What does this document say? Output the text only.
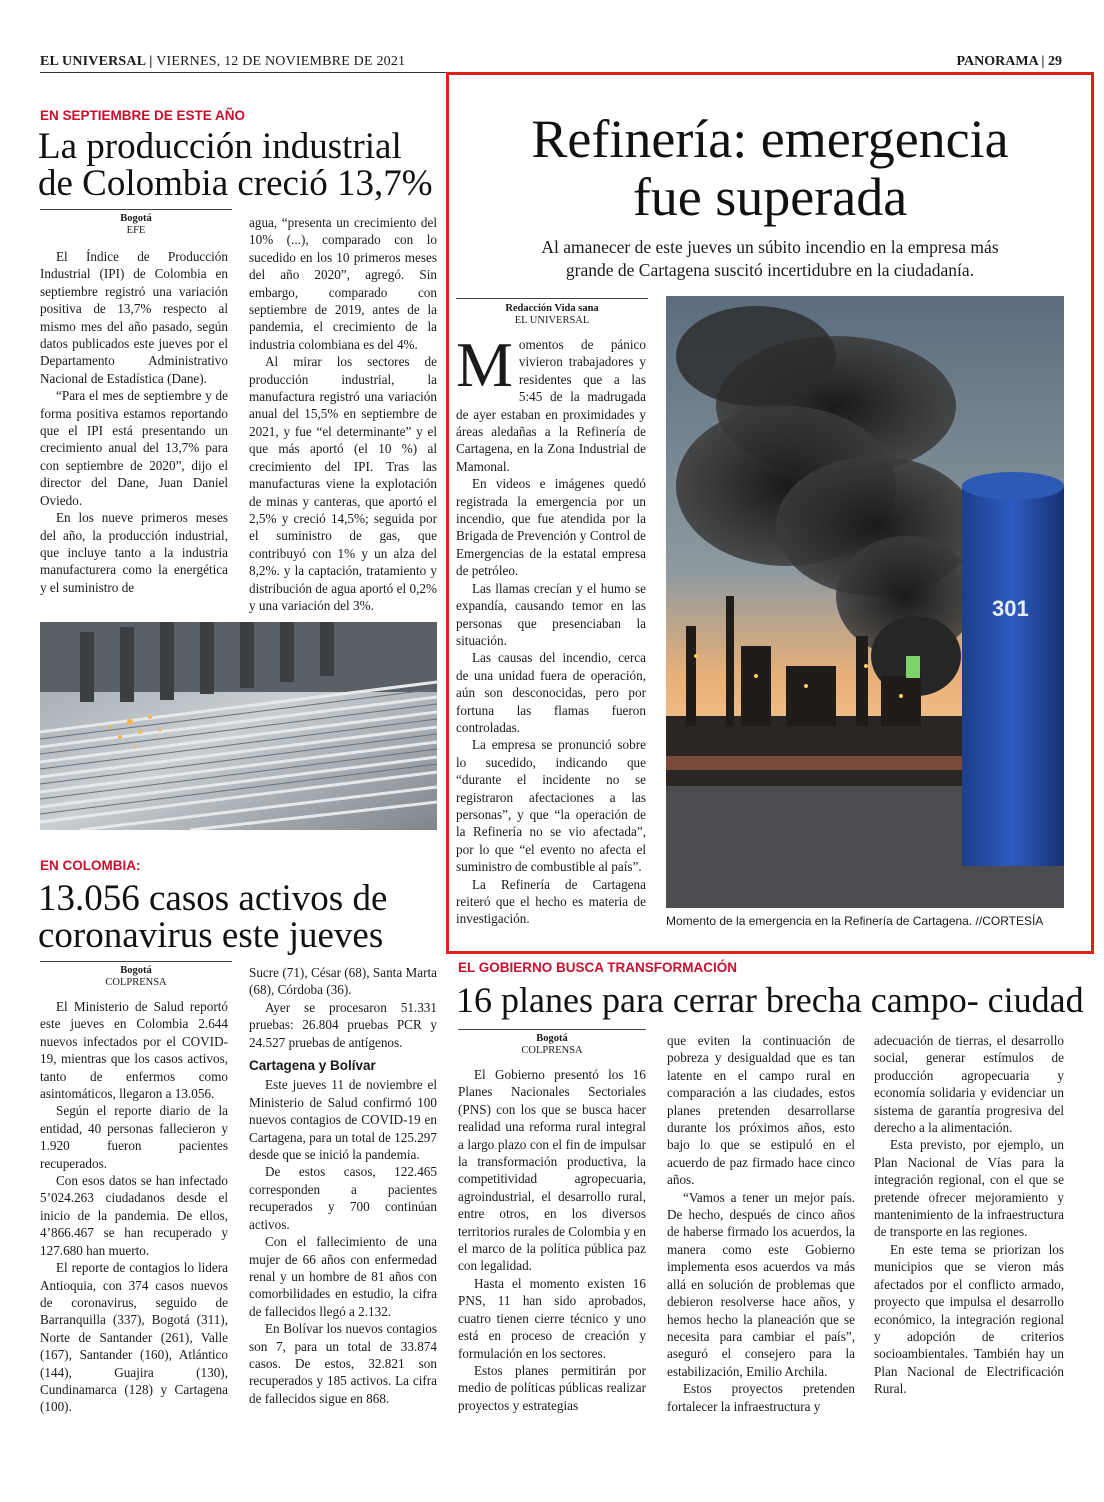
EL UNIVERSAL | VIERNES, 12 DE NOVIEMBRE DE 2021	PANORAMA | 29
EN SEPTIEMBRE DE ESTE AÑO
La producción industrial
de Colombia creció 13,7%
Bogotá
EFE

El Índice de Producción Industrial (IPI) de Colombia en septiembre registró una variación positiva de 13,7% respecto al mismo mes del año pasado, según datos publicados este jueves por el Departamento Administrativo Nacional de Estadística (Dane).

“Para el mes de septiembre y de forma positiva estamos reportando que el IPI está presentando un crecimiento anual del 13,7% para con septiembre de 2020”, dijo el director del Dane, Juan Daniel Oviedo.

En los nueve primeros meses del año, la producción industrial, que incluye tanto a la industria manufacturera como la energética y el suministro de

agua, “presenta un crecimiento del 10% (...), comparado con lo sucedido en los 10 primeros meses del año 2020”, agregó. Sin embargo, comparado con septiembre de 2019, antes de la pandemia, el crecimiento de la industria colombiana es del 4%.

Al mirar los sectores de producción industrial, la manufactura registró una variación anual del 15,5% en septiembre de 2021, y fue “el determinante” y el que más aportó (el 10 %) al crecimiento del IPI. Tras las manufacturas viene la explotación de minas y canteras, que aportó el 2,5% y creció 14,5%; seguida por el suministro de gas, que contribuyó con 1% y un alza del 8,2%. y la captación, tratamiento y distribución de agua aportó el 0,2% y una variación del 3%.

EN COLOMBIA:
13.056 casos activos de
coronavirus este jueves
Bogotá
COLPRENSA

El Ministerio de Salud reportó este jueves en Colombia 2.644 nuevos infectados por el COVID-19, mientras que los casos activos, tanto de enfermos como asintomáticos, llegaron a 13.056.

Según el reporte diario de la entidad, 40 personas fallecieron y 1.920 fueron pacientes recuperados.

Con esos datos se han infectado 5’024.263 ciudadanos desde el inicio de la pandemia. De ellos, 4’866.467 se han recuperado y 127.680 han muerto.

El reporte de contagios lo lidera Antioquia, con 374 casos nuevos de coronavirus, seguido de Barranquilla (337), Bogotá (311), Norte de Santander (261), Valle (167), Santander (160), Atlántico (144), Guajira (130), Cundinamarca (128) y Cartagena (100).

Sucre (71), César (68), Santa Marta (68), Córdoba (36).

Ayer se procesaron 51.331 pruebas: 26.804 pruebas PCR y 24.527 pruebas de antígenos.

Cartagena y Bolívar

Este jueves 11 de noviembre el Ministerio de Salud confirmó 100 nuevos contagios de COVID-19 en Cartagena, para un total de 125.297 desde que se inició la pandemia.

De estos casos, 122.465 corresponden a pacientes recuperados y 700 continúan activos.

Con el fallecimiento de una mujer de 66 años con enfermedad renal y un hombre de 81 años con comorbilidades en estudio, la cifra de fallecidos llegó a 2.132.

En Bolívar los nuevos contagios son 7, para un total de 33.874 casos. De estos, 32.821 son recuperados y 185 activos. La cifra de fallecidos sigue en 868.

Refinería: emergencia
fue superada
Al amanecer de este jueves un súbito incendio en la empresa más
grande de Cartagena suscitó incertidubre en la ciudadanía.
Redacción Vida sana
EL UNIVERSAL

Momentos de pánico vivieron trabajadores y residentes que a las 5:45 de la madrugada de ayer estaban en proximidades y áreas aledañas a la Refinería de Cartagena, en la Zona Industrial de Mamonal.

En videos e imágenes quedó registrada la emergencia por un incendio, que fue atendida por la Brigada de Prevención y Control de Emergencias de la estatal empresa de petróleo.

Las llamas crecían y el humo se expandía, causando temor en las personas que presenciaban la situación.

Las causas del incendio, cerca de una unidad fuera de operación, aún son desconocidas, pero por fortuna las flamas fueron controladas.

La empresa se pronunció sobre lo sucedido, indicando que “durante el incidente no se registraron afectaciones a las personas”, y que “la operación de la Refinería no se vio afectada”, por lo que “el evento no afecta el suministro de combustible al país”.

La Refinería de Cartagena reiteró que el hecho es materia de investigación.

301
Momento de la emergencia en la Refinería de Cartagena. //CORTESÍA
EL GOBIERNO BUSCA TRANSFORMACIÓN
16 planes para cerrar brecha campo- ciudad
Bogotá
COLPRENSA

El Gobierno presentó los 16 Planes Nacionales Sectoriales (PNS) con los que se busca hacer realidad una reforma rural integral a largo plazo con el fin de impulsar la transformación productiva, la competitividad agropecuaria, agroindustrial, el desarrollo rural, entre otros, en los diversos territorios rurales de Colombia y en el marco de la política pública paz con legalidad.

Hasta el momento existen 16 PNS, 11 han sido aprobados, cuatro tienen cierre técnico y uno está en proceso de creación y formulación en los sectores.

Estos planes permitirán por medio de políticas públicas realizar proyectos y estrategias

que eviten la continuación de pobreza y desigualdad que es tan latente en el campo rural en comparación a las ciudades, estos planes pretenden desarrollarse durante los próximos años, esto bajo lo que se estipuló en el acuerdo de paz firmado hace cinco años.

“Vamos a tener un mejor país. De hecho, después de cinco años de haberse firmado los acuerdos, la manera como este Gobierno implementa esos acuerdos va más allá en solución de problemas que debieron resolverse hace años, y hemos hecho la planeación que se necesita para cambiar el país”, aseguró el consejero para la estabilización, Emilio Archila.

Estos proyectos pretenden fortalecer la infraestructura y

adecuación de tierras, el desarrollo social, generar estímulos de producción agropecuaria y economía solidaria y evidenciar un sistema de garantía progresiva del derecho a la alimentación.

Esta previsto, por ejemplo, un Plan Nacional de Vías para la integración regional, con el que se pretende ofrecer mejoramiento y mantenimiento de la infraestructura de transporte en las regiones.

En este tema se priorizan los municipios que se vieron más afectados por el conflicto armado, proyecto que impulsa el desarrollo económico, la integración regional y adopción de criterios socioambientales. También hay un Plan Nacional de Electrificación Rural.
